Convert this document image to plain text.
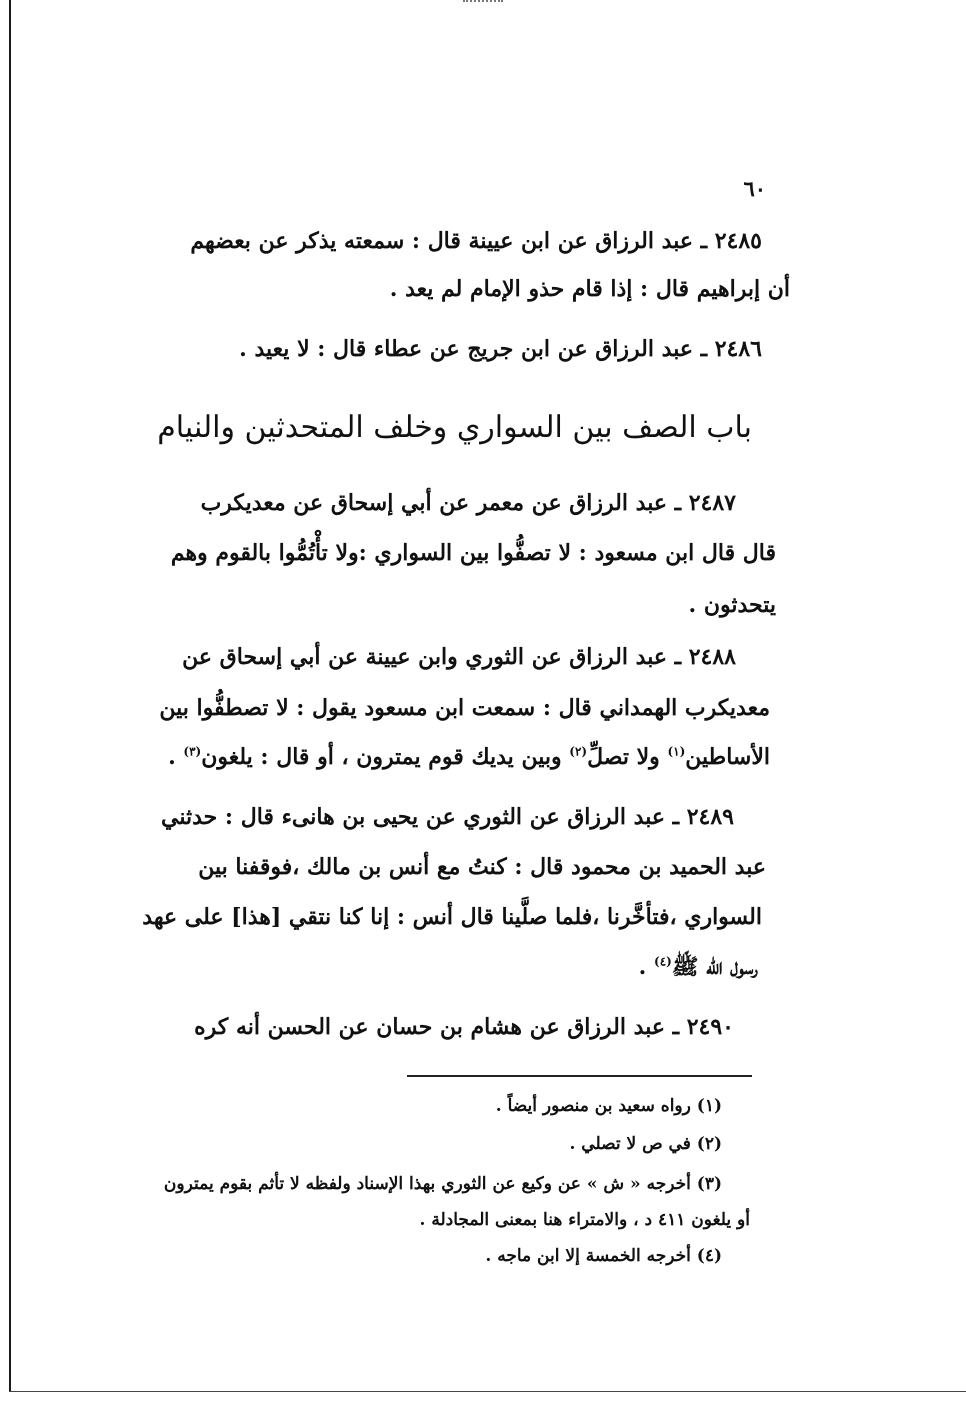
٦٠
٢٤٨٥ ـ عبد الرزاق عن ابن عيينة قال : سمعته يذكر عن بعضهم
أن إبراهيم قال : إذا قام حذو الإمام لم يعد .
٢٤٨٦ ـ عبد الرزاق عن ابن جريج عن عطاء قال : لا يعيد .
باب الصف بين السواري وخلف المتحدثين والنيام
٢٤٨٧ ـ عبد الرزاق عن معمر عن أبي إسحاق عن معديكرب
قال قال ابن مسعود : لا تصفُّوا بين السواري :ولا تأْتُمُّوا بالقوم وهم
يتحدثون .
٢٤٨٨ ـ عبد الرزاق عن الثوري وابن عيينة عن أبي إسحاق عن
معديكرب الهمداني قال : سمعت ابن مسعود يقول : لا تصطفُّوا بين
الأساطين$^{(١)}$ ولا تصلِّ$^{(٢)}$ وبين يديك قوم يمترون ، أو قال : يلغون$^{(٣)}$ .
٢٤٨٩ ـ عبد الرزاق عن الثوري عن يحيى بن هانىء قال : حدثني
عبد الحميد بن محمود قال : كنتُ مع أنس بن مالك ،فوقفنا بين
السواري ،فتأخَّرنا ،فلما صلَّينا قال أنس : إنا كنا نتقي [هذا] على عهد
رسول الله ﷺ$^{(٤)}$ .
٢٤٩٠ ـ عبد الرزاق عن هشام بن حسان عن الحسن أنه كره
(١) رواه سعيد بن منصور أيضاً .
(٢) في ص لا تصلي .
(٣) أخرجه « ش » عن وكيع عن الثوري بهذا الإسناد ولفظه لا تأثم بقوم يمترون
أو يلغون ٤١١ د ، والامتراء هنا بمعنى المجادلة .
(٤) أخرجه الخمسة إلا ابن ماجه .
